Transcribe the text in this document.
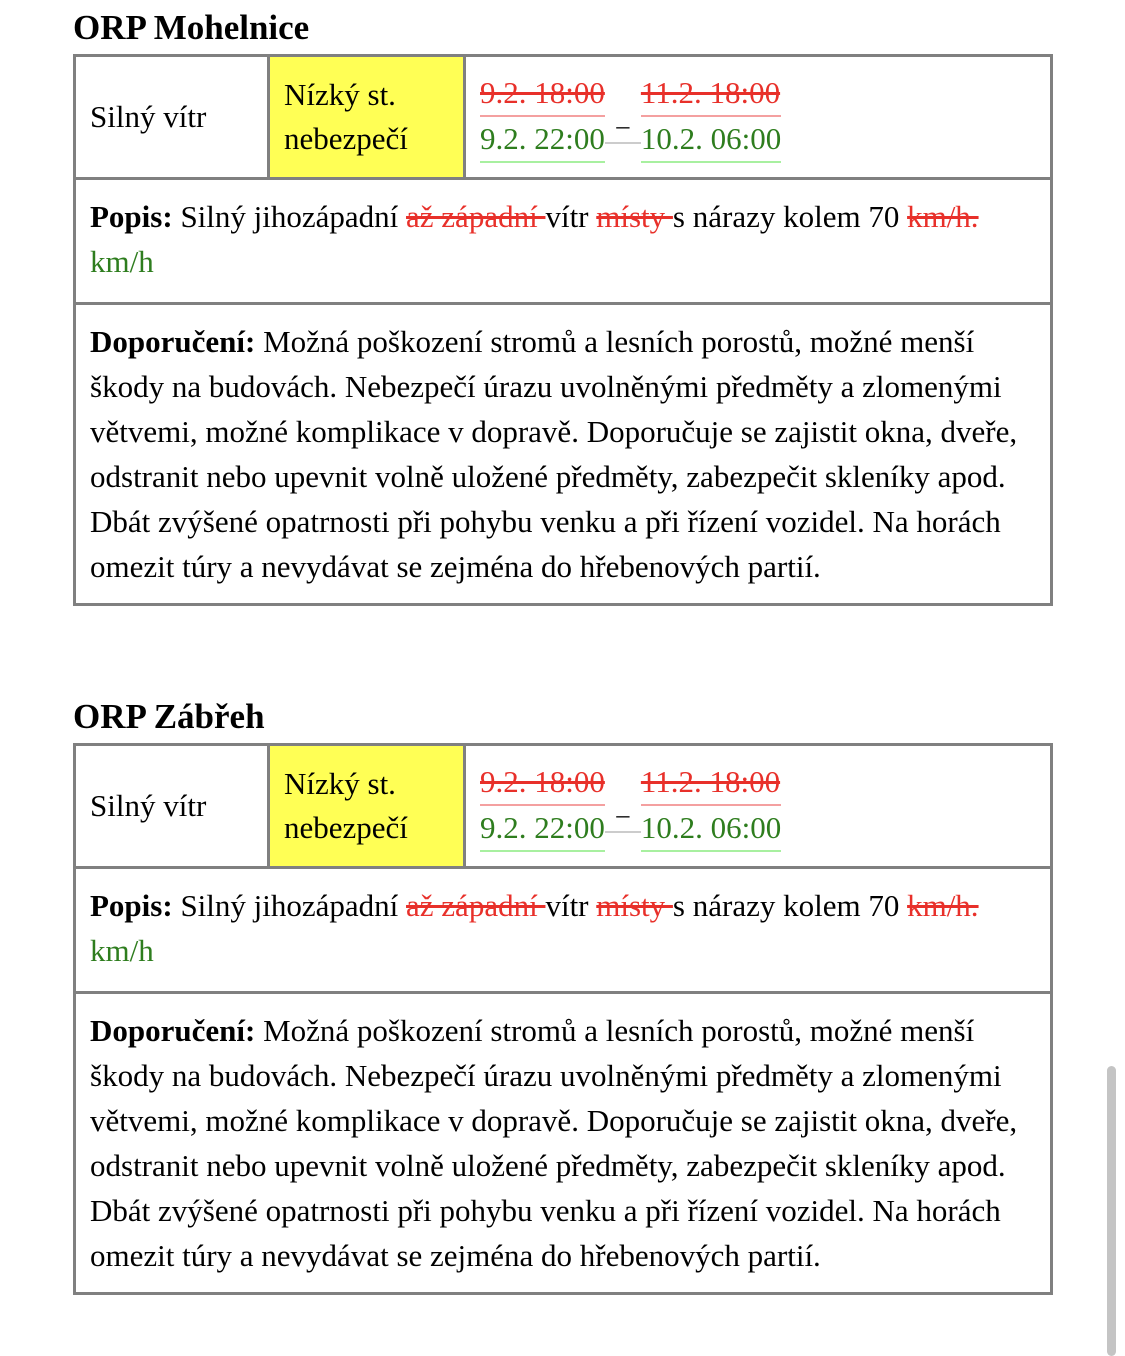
ORP Mohelnice
Silný vítr
Nízký st. nebezpečí
9.2. 18:00
9.2. 22:00 –
11.2. 18:00
10.2. 06:00
Popis: Silný jihozápadní až západní vítr místy s nárazy kolem 70 km/h. km/h
Doporučení: Možná poškození stromů a lesních porostů, možné menší škody na budovách. Nebezpečí úrazu uvolněnými předměty a zlomenými větvemi, možné komplikace v dopravě. Doporučuje se zajistit okna, dveře, odstranit nebo upevnit volně uložené předměty, zabezpečit skleníky apod. Dbát zvýšené opatrnosti při pohybu venku a při řízení vozidel. Na horách omezit túry a nevydávat se zejména do hřebenových partií.
ORP Zábřeh
Silný vítr
Nízký st. nebezpečí
9.2. 18:00
9.2. 22:00 –
11.2. 18:00
10.2. 06:00
Popis: Silný jihozápadní až západní vítr místy s nárazy kolem 70 km/h. km/h
Doporučení: Možná poškození stromů a lesních porostů, možné menší škody na budovách. Nebezpečí úrazu uvolněnými předměty a zlomenými větvemi, možné komplikace v dopravě. Doporučuje se zajistit okna, dveře, odstranit nebo upevnit volně uložené předměty, zabezpečit skleníky apod. Dbát zvýšené opatrnosti při pohybu venku a při řízení vozidel. Na horách omezit túry a nevydávat se zejména do hřebenových partií.
